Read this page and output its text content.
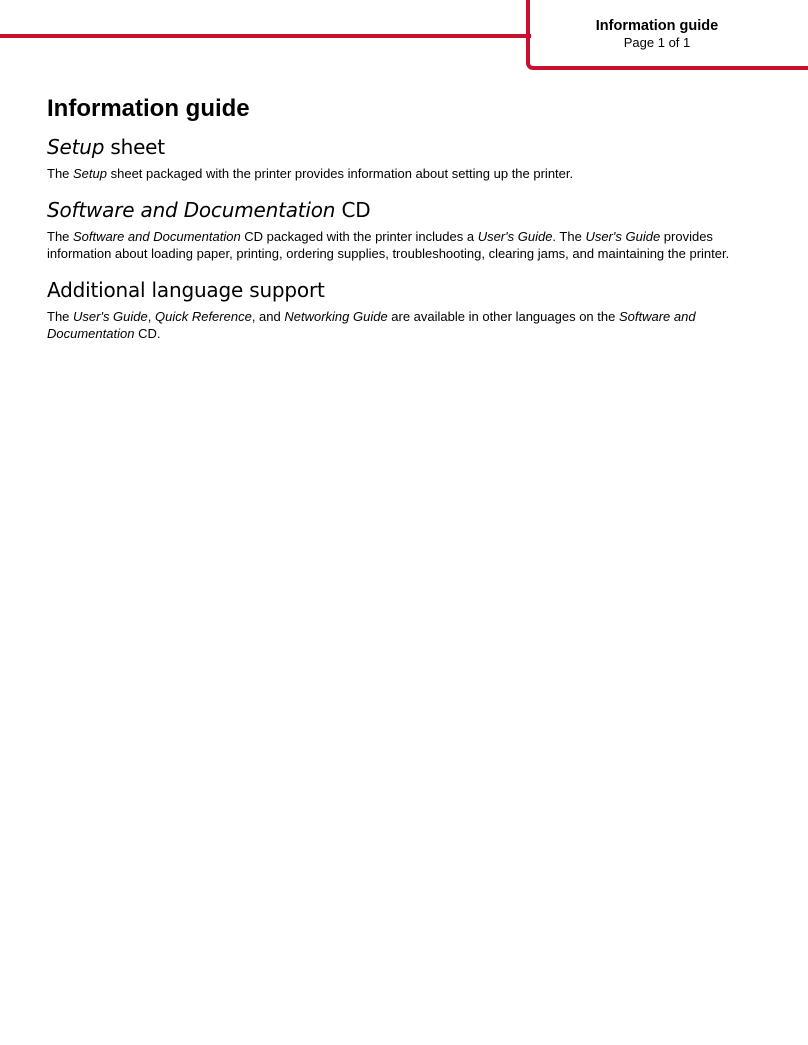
Information guide
Page 1 of 1
Information guide
Setup sheet

The Setup sheet packaged with the printer provides information about setting up the printer.

Software and Documentation CD

The Software and Documentation CD packaged with the printer includes a User's Guide. The User's Guide provides information about loading paper, printing, ordering supplies, troubleshooting, clearing jams, and maintaining the printer.

Additional language support

The User's Guide, Quick Reference, and Networking Guide are available in other languages on the Software and Documentation CD.
